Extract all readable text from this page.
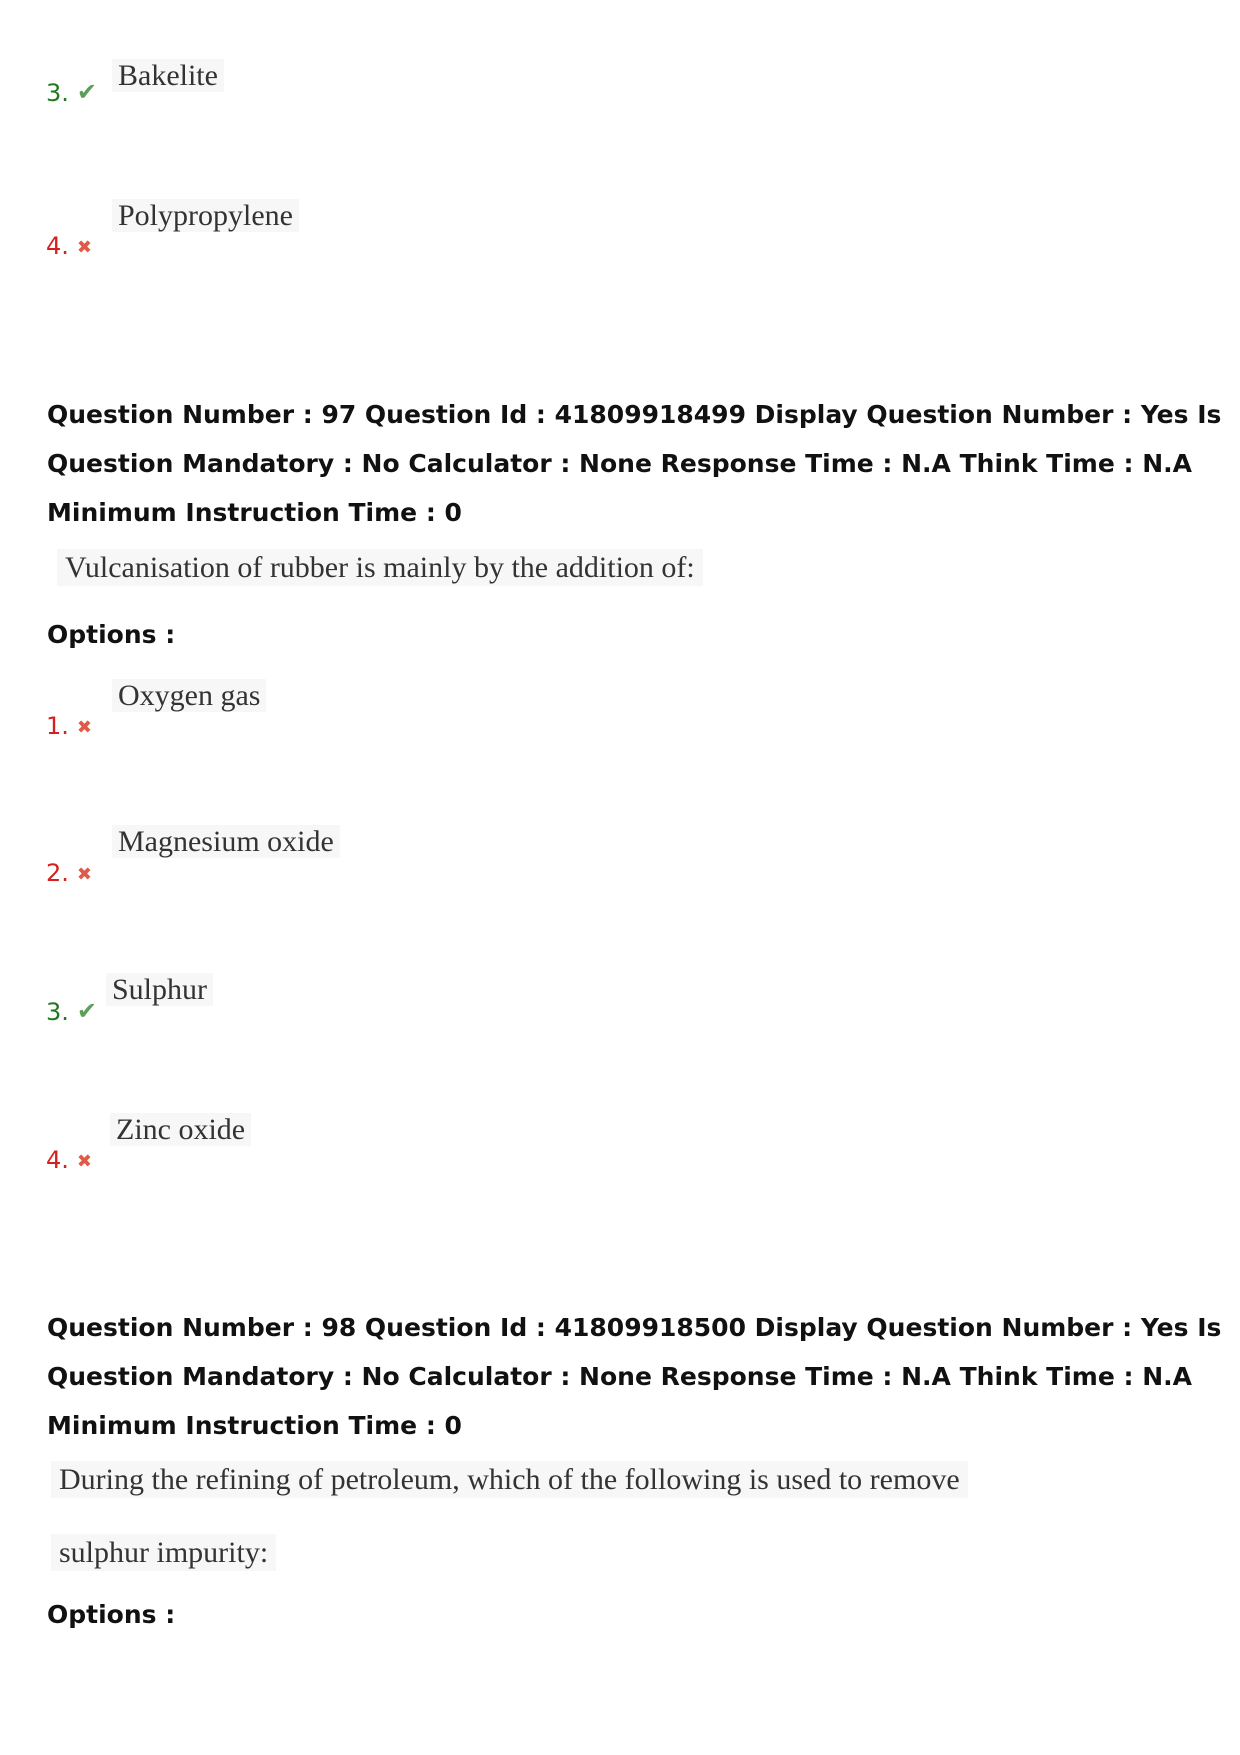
Bakelite
3. ✔
Polypropylene
4. ✖
Question Number : 97 Question Id : 41809918499 Display Question Number : Yes Is Question Mandatory : No Calculator : None Response Time : N.A Think Time : N.A Minimum Instruction Time : 0
Vulcanisation of rubber is mainly by the addition of:
Options :
Oxygen gas
1. ✖
Magnesium oxide
2. ✖
Sulphur
3. ✔
Zinc oxide
4. ✖
Question Number : 98 Question Id : 41809918500 Display Question Number : Yes Is Question Mandatory : No Calculator : None Response Time : N.A Think Time : N.A Minimum Instruction Time : 0
During the refining of petroleum, which of the following is used to remove
sulphur impurity:
Options :
